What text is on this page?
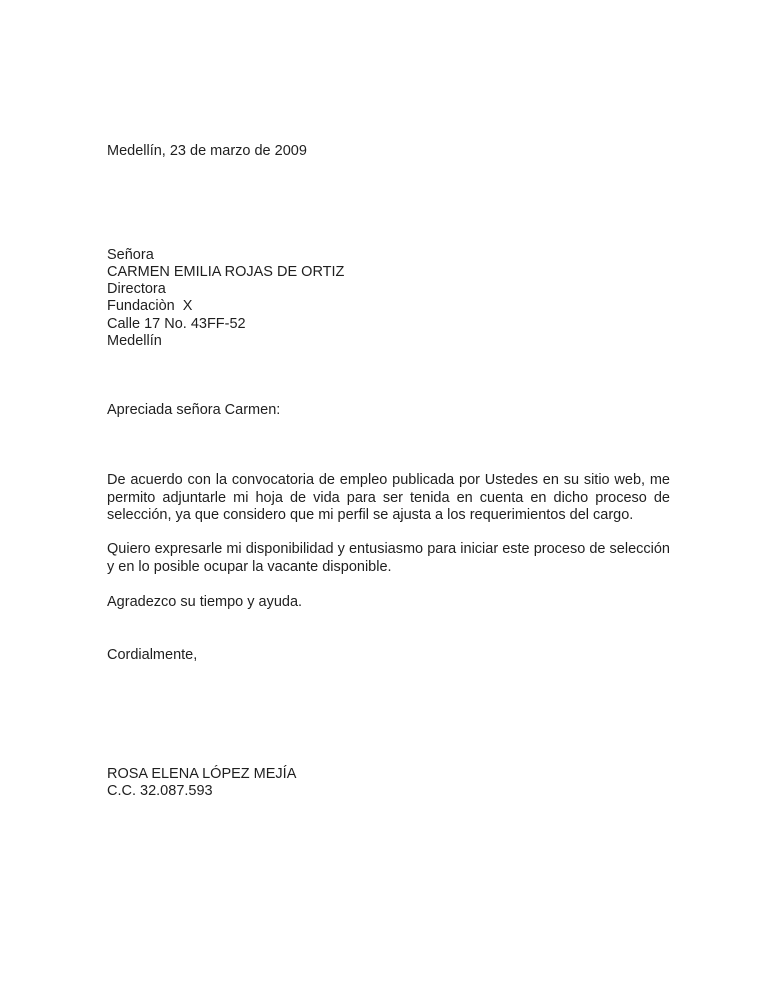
Medellín, 23 de marzo de 2009
Señora
CARMEN EMILIA ROJAS DE ORTIZ
Directora
Fundaciòn  X
Calle 17 No. 43FF-52
Medellín
Apreciada señora Carmen:
De acuerdo con la convocatoria de empleo publicada por Ustedes en su sitio web, me permito adjuntarle mi hoja de vida para ser tenida en cuenta en dicho proceso de selección, ya que considero que mi perfil se ajusta a los requerimientos del cargo.
Quiero expresarle mi disponibilidad y entusiasmo para iniciar este proceso de selección y en lo posible ocupar la vacante disponible.
Agradezco su tiempo y ayuda.
Cordialmente,
ROSA ELENA LÓPEZ MEJÍA
C.C. 32.087.593
